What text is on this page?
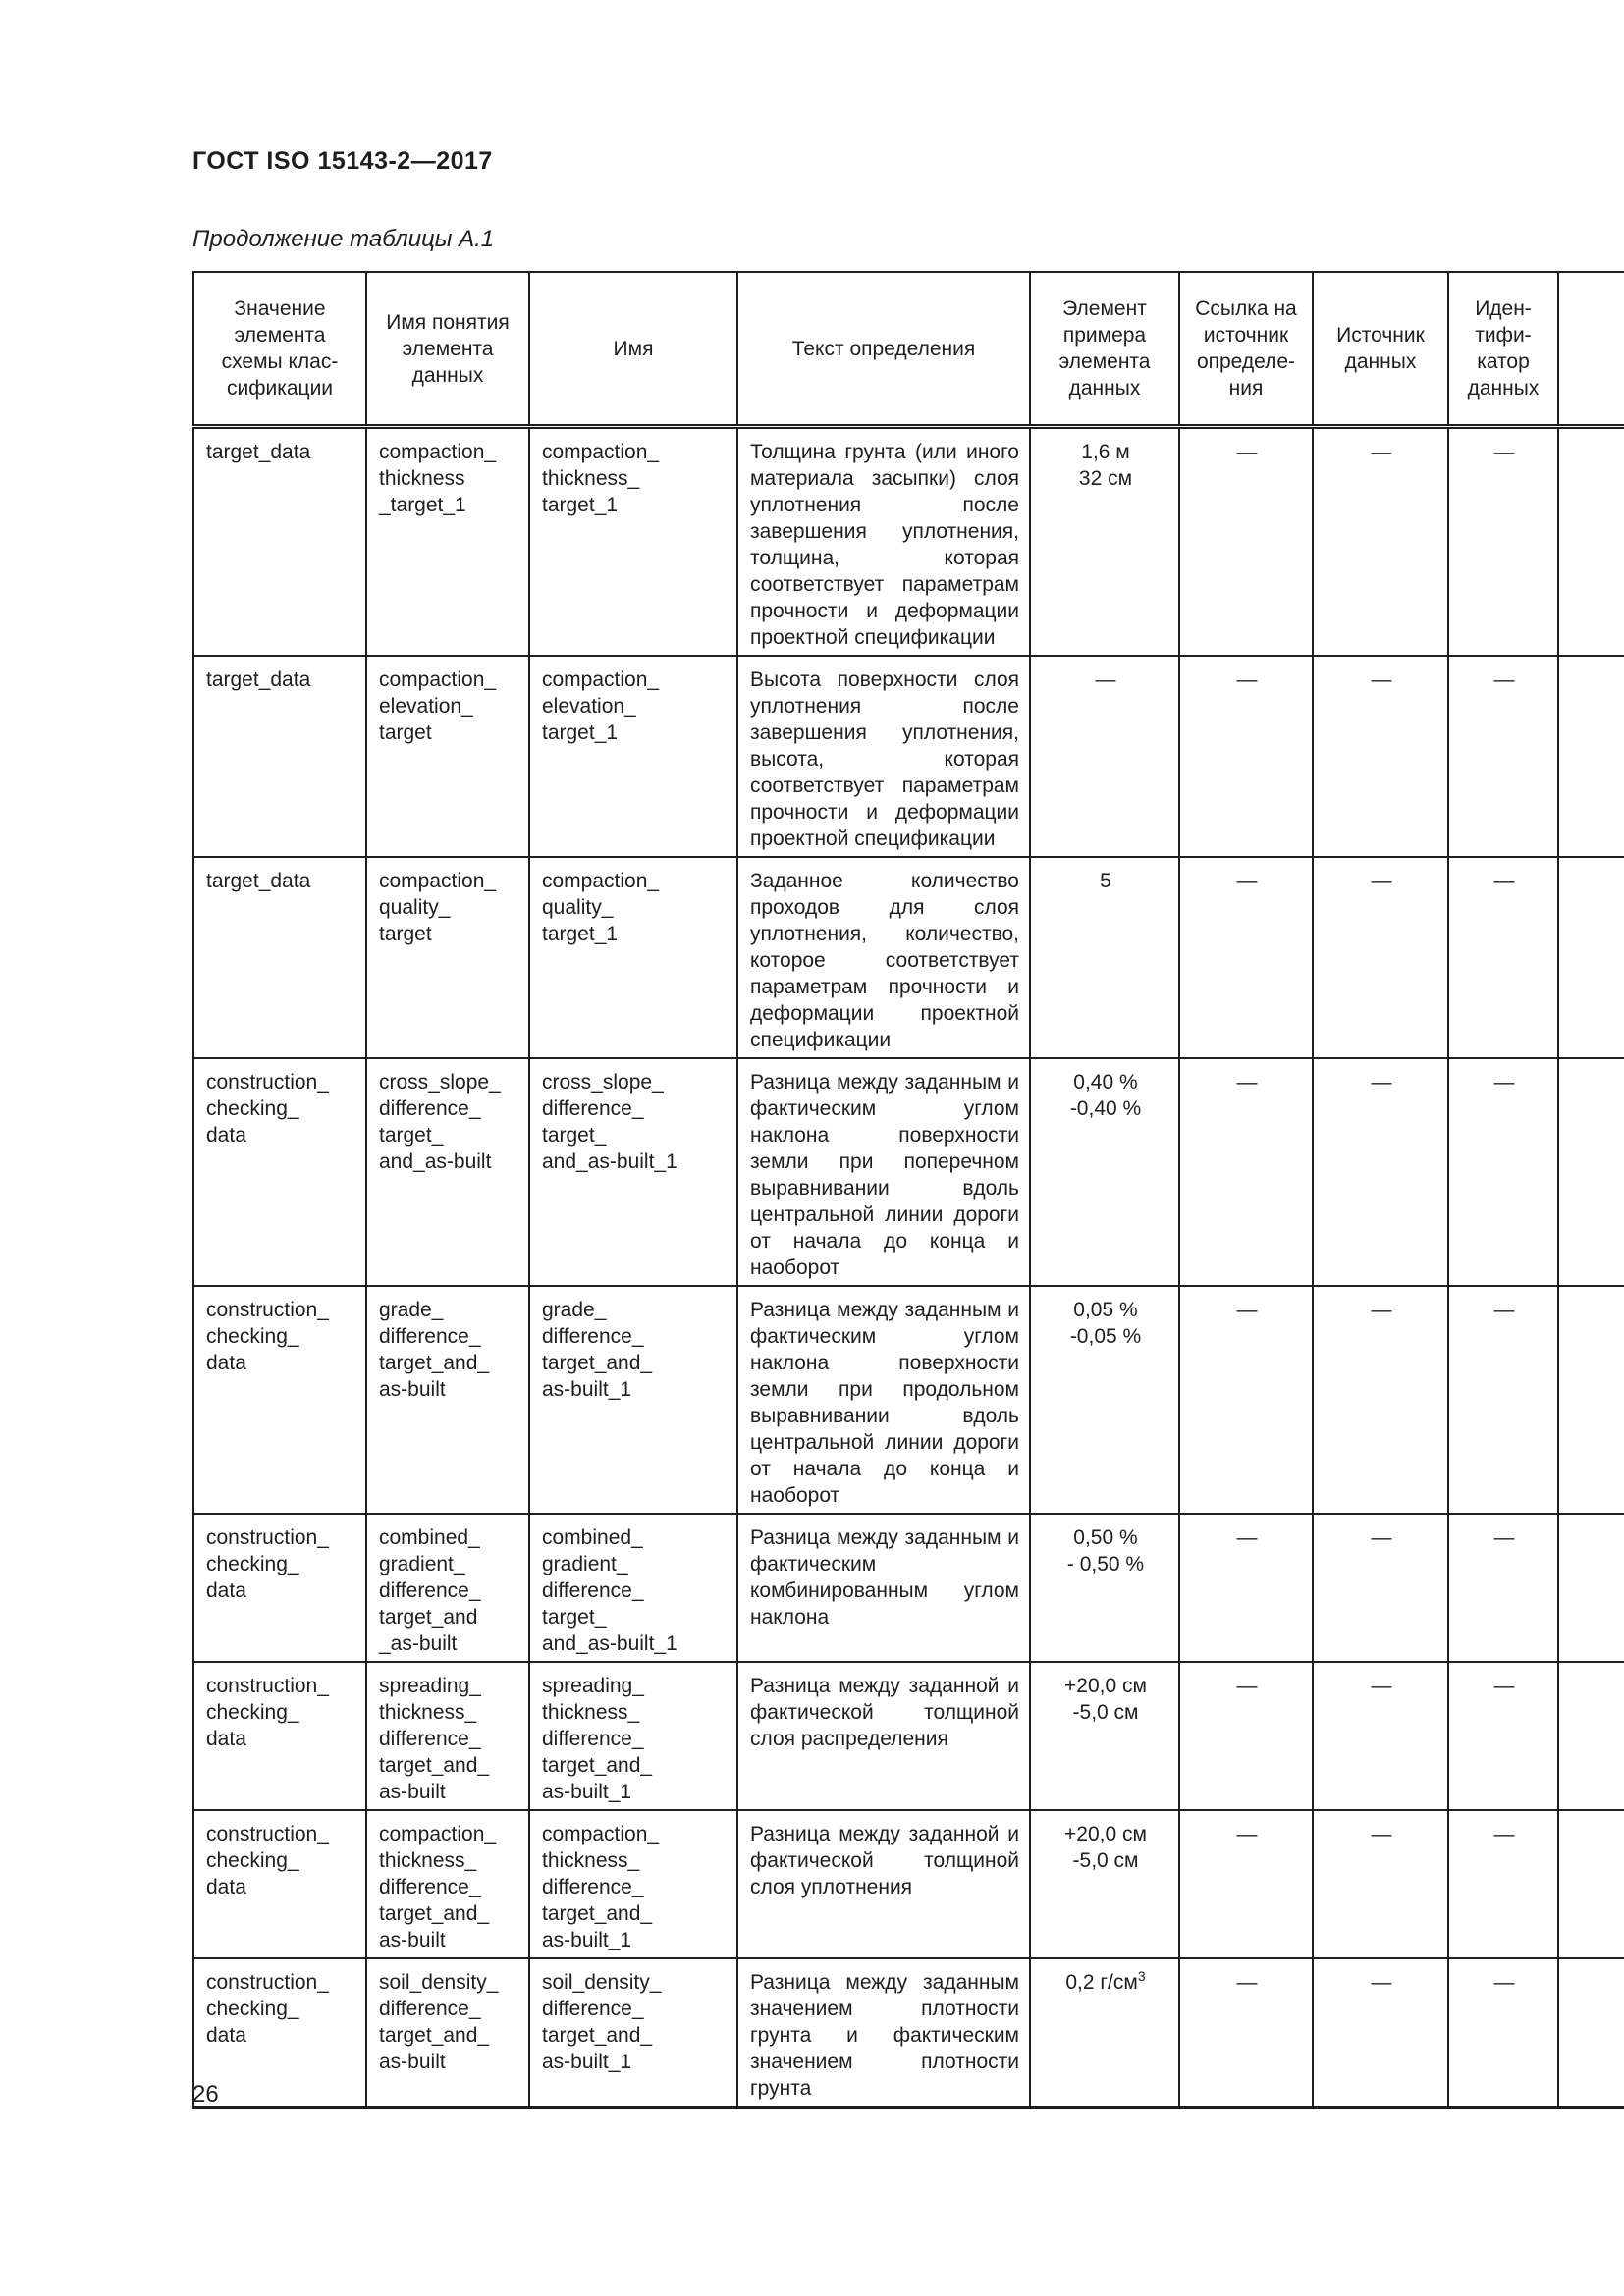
ГОСТ ISO 15143-2—2017
Продолжение таблицы А.1
Значение
элемента
схемы клас-
сификации	Имя понятия
элемента
данных	Имя	Текст определения	Элемент
примера
элемента
данных	Ссылка на
источник
определе-
ния	Источник
данных	Иден-
тифи-
катор
данных	
target_data	compaction_
thickness
_target_1	compaction_
thickness_
target_1	Толщина грунта (или иного материала засыпки) слоя уплотнения после завершения уплотнения, толщина, которая соответствует параметрам прочности и деформации проектной спецификации	1,6 м
32 см	—	—	—	
target_data	compaction_
elevation_
target	compaction_
elevation_
target_1	Высота поверхности слоя уплотнения после завершения уплотнения, высота, которая соответствует параметрам прочности и деформации проектной спецификации	—	—	—	—	
target_data	compaction_
quality_
target	compaction_
quality_
target_1	Заданное количество проходов для слоя уплотнения, количество, которое соответствует параметрам прочности и деформации проектной спецификации	5	—	—	—	
construction_
checking_
data	cross_slope_
difference_
target_
and_as-built	cross_slope_
difference_
target_
and_as-built_1	Разница между заданным и фактическим углом наклона поверхности земли при поперечном выравнивании вдоль центральной линии дороги от начала до конца и наоборот	0,40 %
-0,40 %	—	—	—	
construction_
checking_
data	grade_
difference_
target_and_
as-built	grade_
difference_
target_and_
as-built_1	Разница между заданным и фактическим углом наклона поверхности земли при продольном выравнивании вдоль центральной линии дороги от начала до конца и наоборот	0,05 %
-0,05 %	—	—	—	
construction_
checking_
data	combined_
gradient_
difference_
target_and
_as-built	combined_
gradient_
difference_
target_
and_as-built_1	Разница между заданным и фактическим комбинированным углом наклона	0,50 %
- 0,50 %	—	—	—	
construction_
checking_
data	spreading_
thickness_
difference_
target_and_
as-built	spreading_
thickness_
difference_
target_and_
as-built_1	Разница между заданной и фактической толщиной слоя распределения	+20,0 см
-5,0 см	—	—	—	
construction_
checking_
data	compaction_
thickness_
difference_
target_and_
as-built	compaction_
thickness_
difference_
target_and_
as-built_1	Разница между заданной и фактической толщиной слоя уплотнения	+20,0 см
-5,0 см	—	—	—	
construction_
checking_
data	soil_density_
difference_
target_and_
as-built	soil_density_
difference_
target_and_
as-built_1	Разница между заданным значением плотности грунта и фактическим значением плотности грунта	0,2 $г/см^3$	—	—	—	
26
